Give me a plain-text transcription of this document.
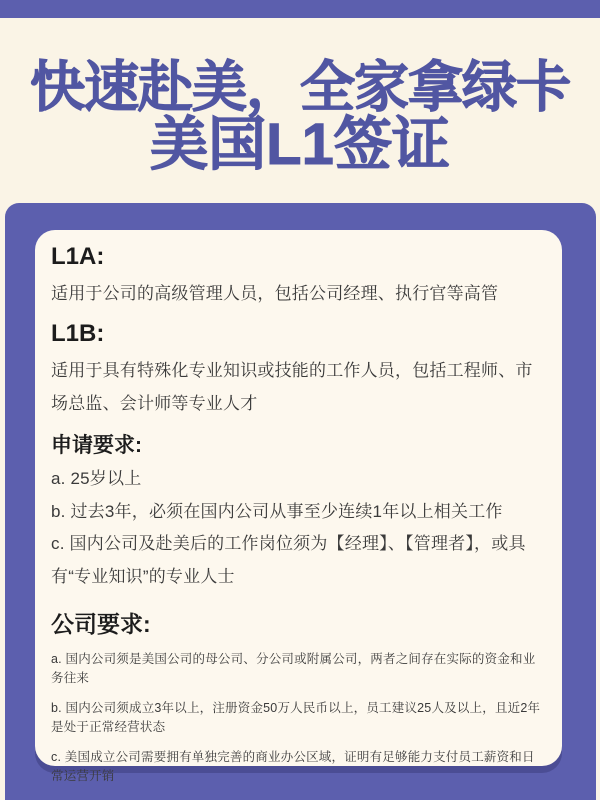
快速赴美，全家拿绿卡
美国L1签证
L1A:

适用于公司的高级管理人员，包括公司经理、执行官等高管

L1B:

适用于具有特殊化专业知识或技能的工作人员，包括工程师、市场总监、会计师等专业人才

申请要求:

a. 25岁以上

b. 过去3年，必须在国内公司从事至少连续1年以上相关工作

c. 国内公司及赴美后的工作岗位须为【经理】、【管理者】，或具有“专业知识”的专业人士

公司要求:

a. 国内公司须是美国公司的母公司、分公司或附属公司，两者之间存在实际的资金和业务往来

b. 国内公司须成立3年以上，注册资金50万人民币以上，员工建议25人及以上，且近2年是处于正常经营状态

c. 美国成立公司需要拥有单独完善的商业办公区域，证明有足够能力支付员工薪资和日常运营开销
